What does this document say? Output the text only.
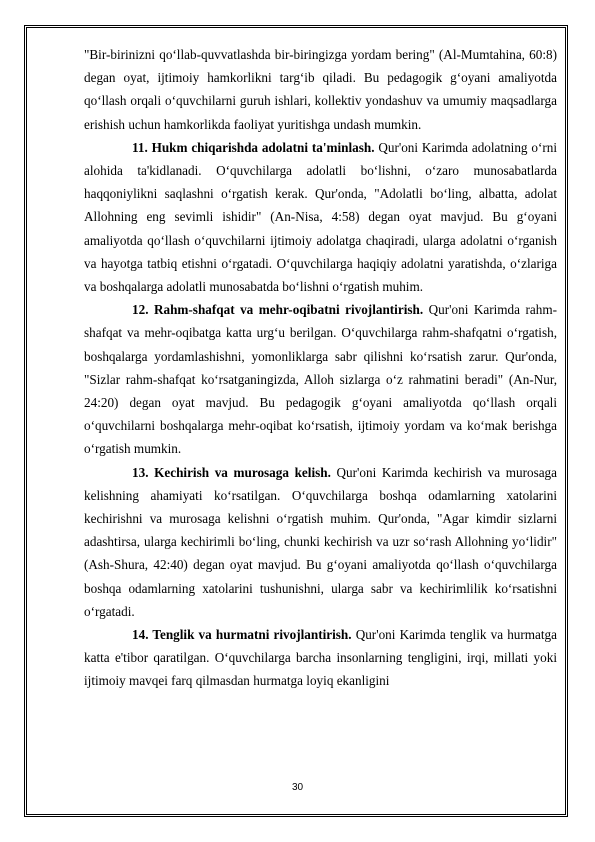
"Bir-birinizni qo‘llab-quvvatlashda bir-biringizga yordam bering" (Al-Mumtahina, 60:8) degan oyat, ijtimoiy hamkorlikni targ‘ib qiladi. Bu pedagogik g‘oyani amaliyotda qo‘llash orqali o‘quvchilarni guruh ishlari, kollektiv yondashuv va umumiy maqsadlarga erishish uchun hamkorlikda faoliyat yuritishga undash mumkin.

11. Hukm chiqarishda adolatni ta'minlash. Qur'oni Karimda adolatning o‘rni alohida ta'kidlanadi. O‘quvchilarga adolatli bo‘lishni, o‘zaro munosabatlarda haqqoniylikni saqlashni o‘rgatish kerak. Qur'onda, "Adolatli bo‘ling, albatta, adolat Allohning eng sevimli ishidir" (An-Nisa, 4:58) degan oyat mavjud. Bu g‘oyani amaliyotda qo‘llash o‘quvchilarni ijtimoiy adolatga chaqiradi, ularga adolatni o‘rganish va hayotga tatbiq etishni o‘rgatadi. O‘quvchilarga haqiqiy adolatni yaratishda, o‘zlariga va boshqalarga adolatli munosabatda bo‘lishni o‘rgatish muhim.

12. Rahm-shafqat va mehr-oqibatni rivojlantirish. Qur'oni Karimda rahm-shafqat va mehr-oqibatga katta urg‘u berilgan. O‘quvchilarga rahm-shafqatni o‘rgatish, boshqalarga yordamlashishni, yomonliklarga sabr qilishni ko‘rsatish zarur. Qur'onda, "Sizlar rahm-shafqat ko‘rsatganingizda, Alloh sizlarga o‘z rahmatini beradi" (An-Nur, 24:20) degan oyat mavjud. Bu pedagogik g‘oyani amaliyotda qo‘llash orqali o‘quvchilarni boshqalarga mehr-oqibat ko‘rsatish, ijtimoiy yordam va ko‘mak berishga o‘rgatish mumkin.

13. Kechirish va murosaga kelish. Qur'oni Karimda kechirish va murosaga kelishning ahamiyati ko‘rsatilgan. O‘quvchilarga boshqa odamlarning xatolarini kechirishni va murosaga kelishni o‘rgatish muhim. Qur'onda, "Agar kimdir sizlarni adashtirsa, ularga kechirimli bo‘ling, chunki kechirish va uzr so‘rash Allohning yo‘lidir" (Ash-Shura, 42:40) degan oyat mavjud. Bu g‘oyani amaliyotda qo‘llash o‘quvchilarga boshqa odamlarning xatolarini tushunishni, ularga sabr va kechirimlilik ko‘rsatishni o‘rgatadi.

14. Tenglik va hurmatni rivojlantirish. Qur'oni Karimda tenglik va hurmatga katta e'tibor qaratilgan. O‘quvchilarga barcha insonlarning tengligini, irqi, millati yoki ijtimoiy mavqei farq qilmasdan hurmatga loyiq ekanligini

30
